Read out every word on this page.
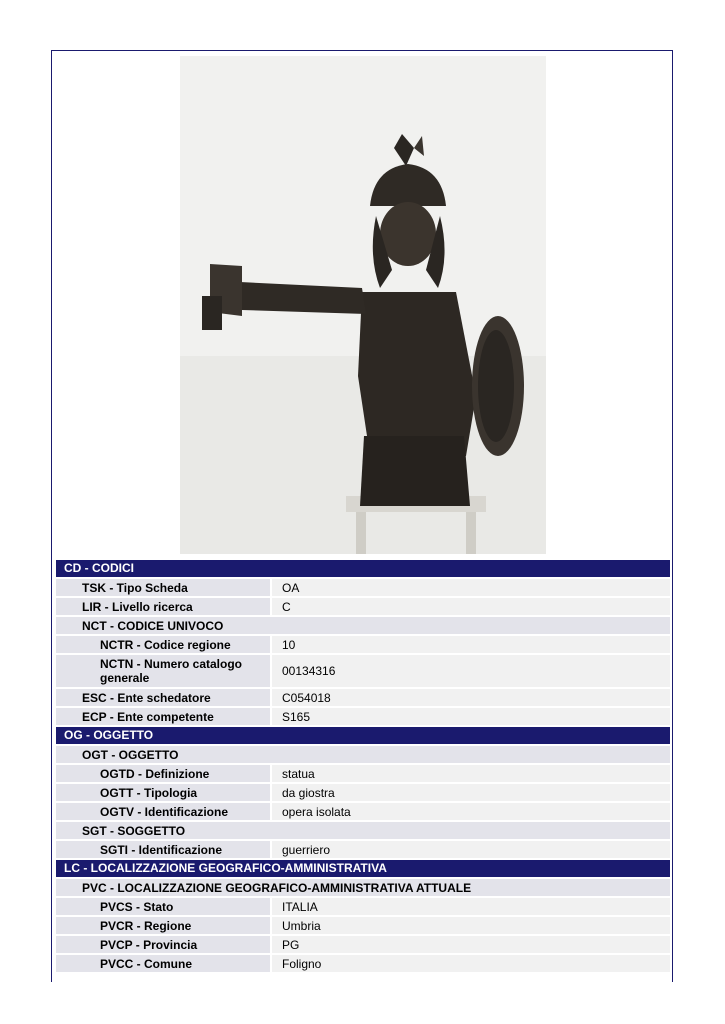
CD - CODICI
TSK - Tipo Scheda	OA
LIR - Livello ricerca	C
NCT - CODICE UNIVOCO
NCTR - Codice regione	10
NCTN - Numero catalogo generale	00134316
ESC - Ente schedatore	C054018
ECP - Ente competente	S165
OG - OGGETTO
OGT - OGGETTO
OGTD - Definizione	statua
OGTT - Tipologia	da giostra
OGTV - Identificazione	opera isolata
SGT - SOGGETTO
SGTI - Identificazione	guerriero
LC - LOCALIZZAZIONE GEOGRAFICO-AMMINISTRATIVA
PVC - LOCALIZZAZIONE GEOGRAFICO-AMMINISTRATIVA ATTUALE
PVCS - Stato	ITALIA
PVCR - Regione	Umbria
PVCP - Provincia	PG
PVCC - Comune	Foligno
